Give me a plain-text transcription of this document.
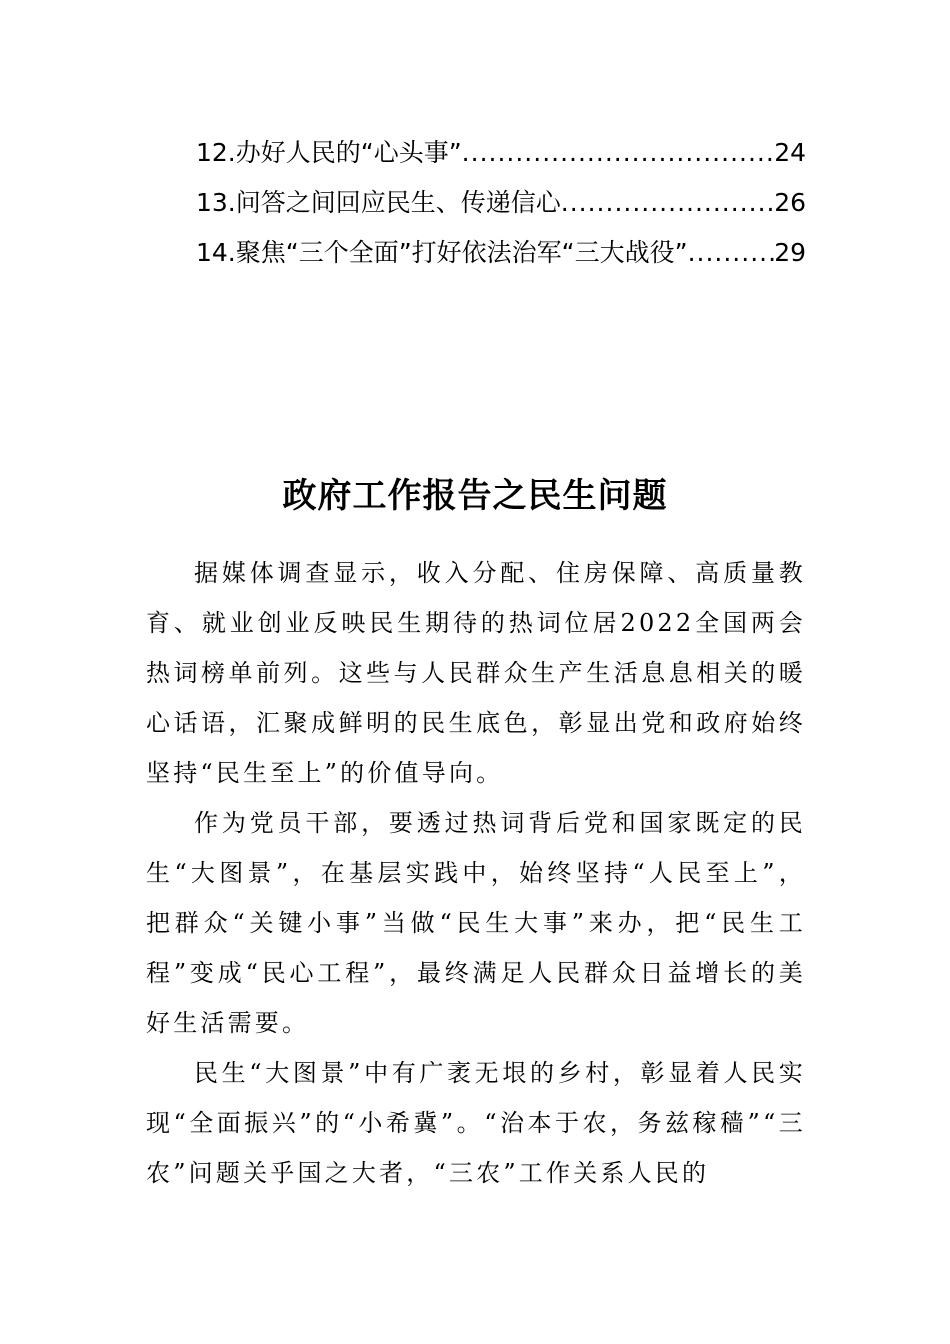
12.办好人民的“心头事” .....	24
13.问答之间回应民生、传递信心 .....	26
14.聚焦“三个全面”打好依法治军“三大战役” .....	29
政府工作报告之民生问题

据媒体调查显示，收入分配、住房保障、高质量教育、就业创业反映民生期待的热词位居2022全国两会热词榜单前列。这些与人民群众生产生活息息相关的暖心话语，汇聚成鲜明的民生底色，彰显出党和政府始终坚持“民生至上”的价值导向。

作为党员干部，要透过热词背后党和国家既定的民生“大图景”，在基层实践中，始终坚持“人民至上”，把群众“关键小事”当做“民生大事”来办，把“民生工程”变成“民心工程”，最终满足人民群众日益增长的美好生活需要。

民生“大图景”中有广袤无垠的乡村，彰显着人民实现“全面振兴”的“小希冀”。“治本于农，务兹稼穑”“三农”问题关乎国之大者，“三农”工作关系人民的
